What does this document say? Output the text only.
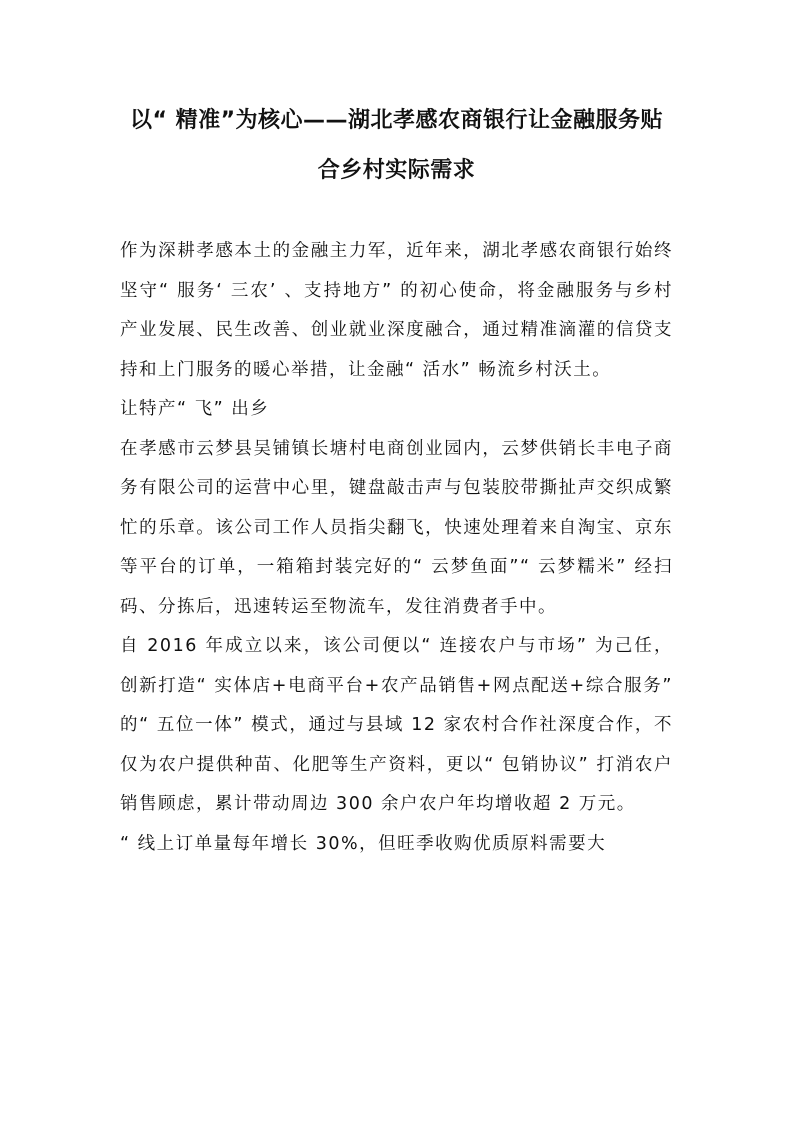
以“ 精准”为核心——湖北孝感农商银行让金融服务贴合乡村实际需求

作为深耕孝感本土的金融主力军，近年来，湖北孝感农商银行始终坚守“ 服务‘ 三农’ 、支持地方” 的初心使命，将金融服务与乡村产业发展、民生改善、创业就业深度融合，通过精准滴灌的信贷支持和上门服务的暖心举措，让金融“ 活水” 畅流乡村沃土。

让特产“ 飞” 出乡

在孝感市云梦县吴铺镇长塘村电商创业园内，云梦供销长丰电子商务有限公司的运营中心里，键盘敲击声与包装胶带撕扯声交织成繁忙的乐章。该公司工作人员指尖翻飞，快速处理着来自淘宝、京东等平台的订单，一箱箱封装完好的“ 云梦鱼面”“ 云梦糯米” 经扫码、分拣后，迅速转运至物流车，发往消费者手中。

自 2016 年成立以来，该公司便以“ 连接农户与市场” 为己任，创新打造“ 实体店+电商平台+农产品销售+网点配送+综合服务” 的“ 五位一体” 模式，通过与县域 12 家农村合作社深度合作，不仅为农户提供种苗、化肥等生产资料，更以“ 包销协议” 打消农户销售顾虑，累计带动周边 300 余户农户年均增收超 2 万元。

“ 线上订单量每年增长 30%，但旺季收购优质原料需要大
